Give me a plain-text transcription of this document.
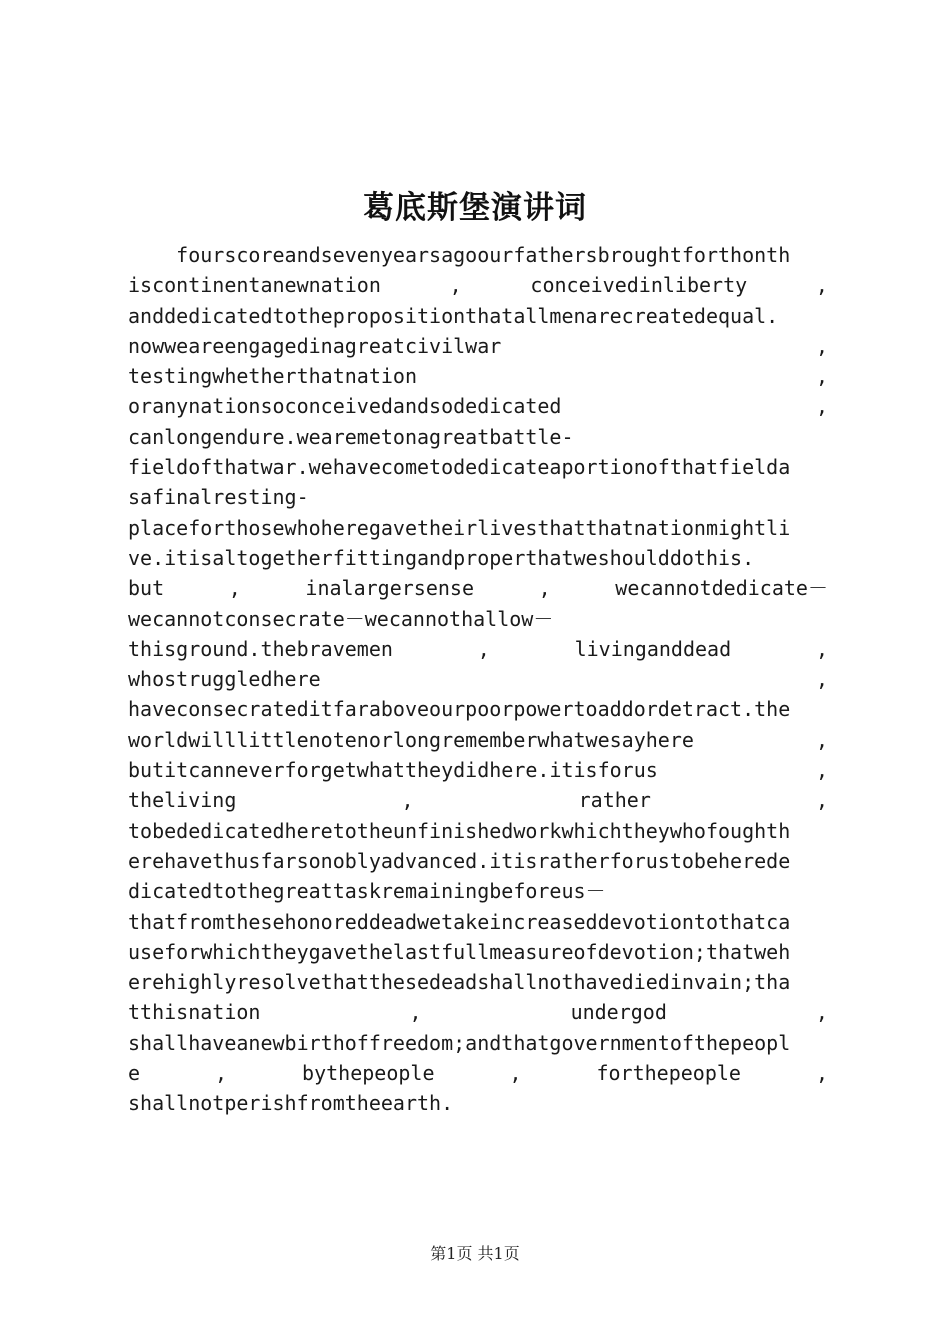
葛底斯堡演讲词
fourscoreandsevenyearsagoourfathersbroughtforthonth
iscontinentanewnation	,	conceivedinliberty	,
anddedicatedtothepropositionthatallmenarecreatedequal.
nowweareengagedinagreatcivilwar	,
testingwhetherthatnation	,
oranynationsoconceivedandsodedicated	,
canlongendure.wearemetonagreatbattle-
fieldofthatwar.wehavecometodedicateaportionofthatfielda
safinalresting-
placeforthosewhoheregavetheirlivesthatthatnationmightli
ve.itisaltogetherfittingandproperthatweshoulddothis.
but	,	inalargersense	,	wecannotdedicate－
wecannotconsecrate－wecannothallow－
thisground.thebravemen	,	livinganddead	,
whostruggledhere	,
haveconsecrateditfaraboveourpoorpowertoaddordetract.the
worldwilllittlenotenorlongrememberwhatwesayhere	,
butitcanneverforgetwhattheydidhere.itisforus	,
theliving	,	rather	,
tobededicatedheretotheunfinishedworkwhichtheywhofoughth
erehavethusfarsonoblyadvanced.itisratherforustobeherede
dicatedtothegreattaskremainingbeforeus－
thatfromthesehonoreddeadwetakeincreaseddevotiontothatca
useforwhichtheygavethelastfullmeasureofdevotion;thatweh
erehighlyresolvethatthesedeadshallnothavediedinvain;tha
tthisnation	,	undergod	,
shallhaveanewbirthoffreedom;andthatgovernmentofthepeopl
e	,	bythepeople	,	forthepeople	,
shallnotperishfromtheearth.
第1页 共1页
